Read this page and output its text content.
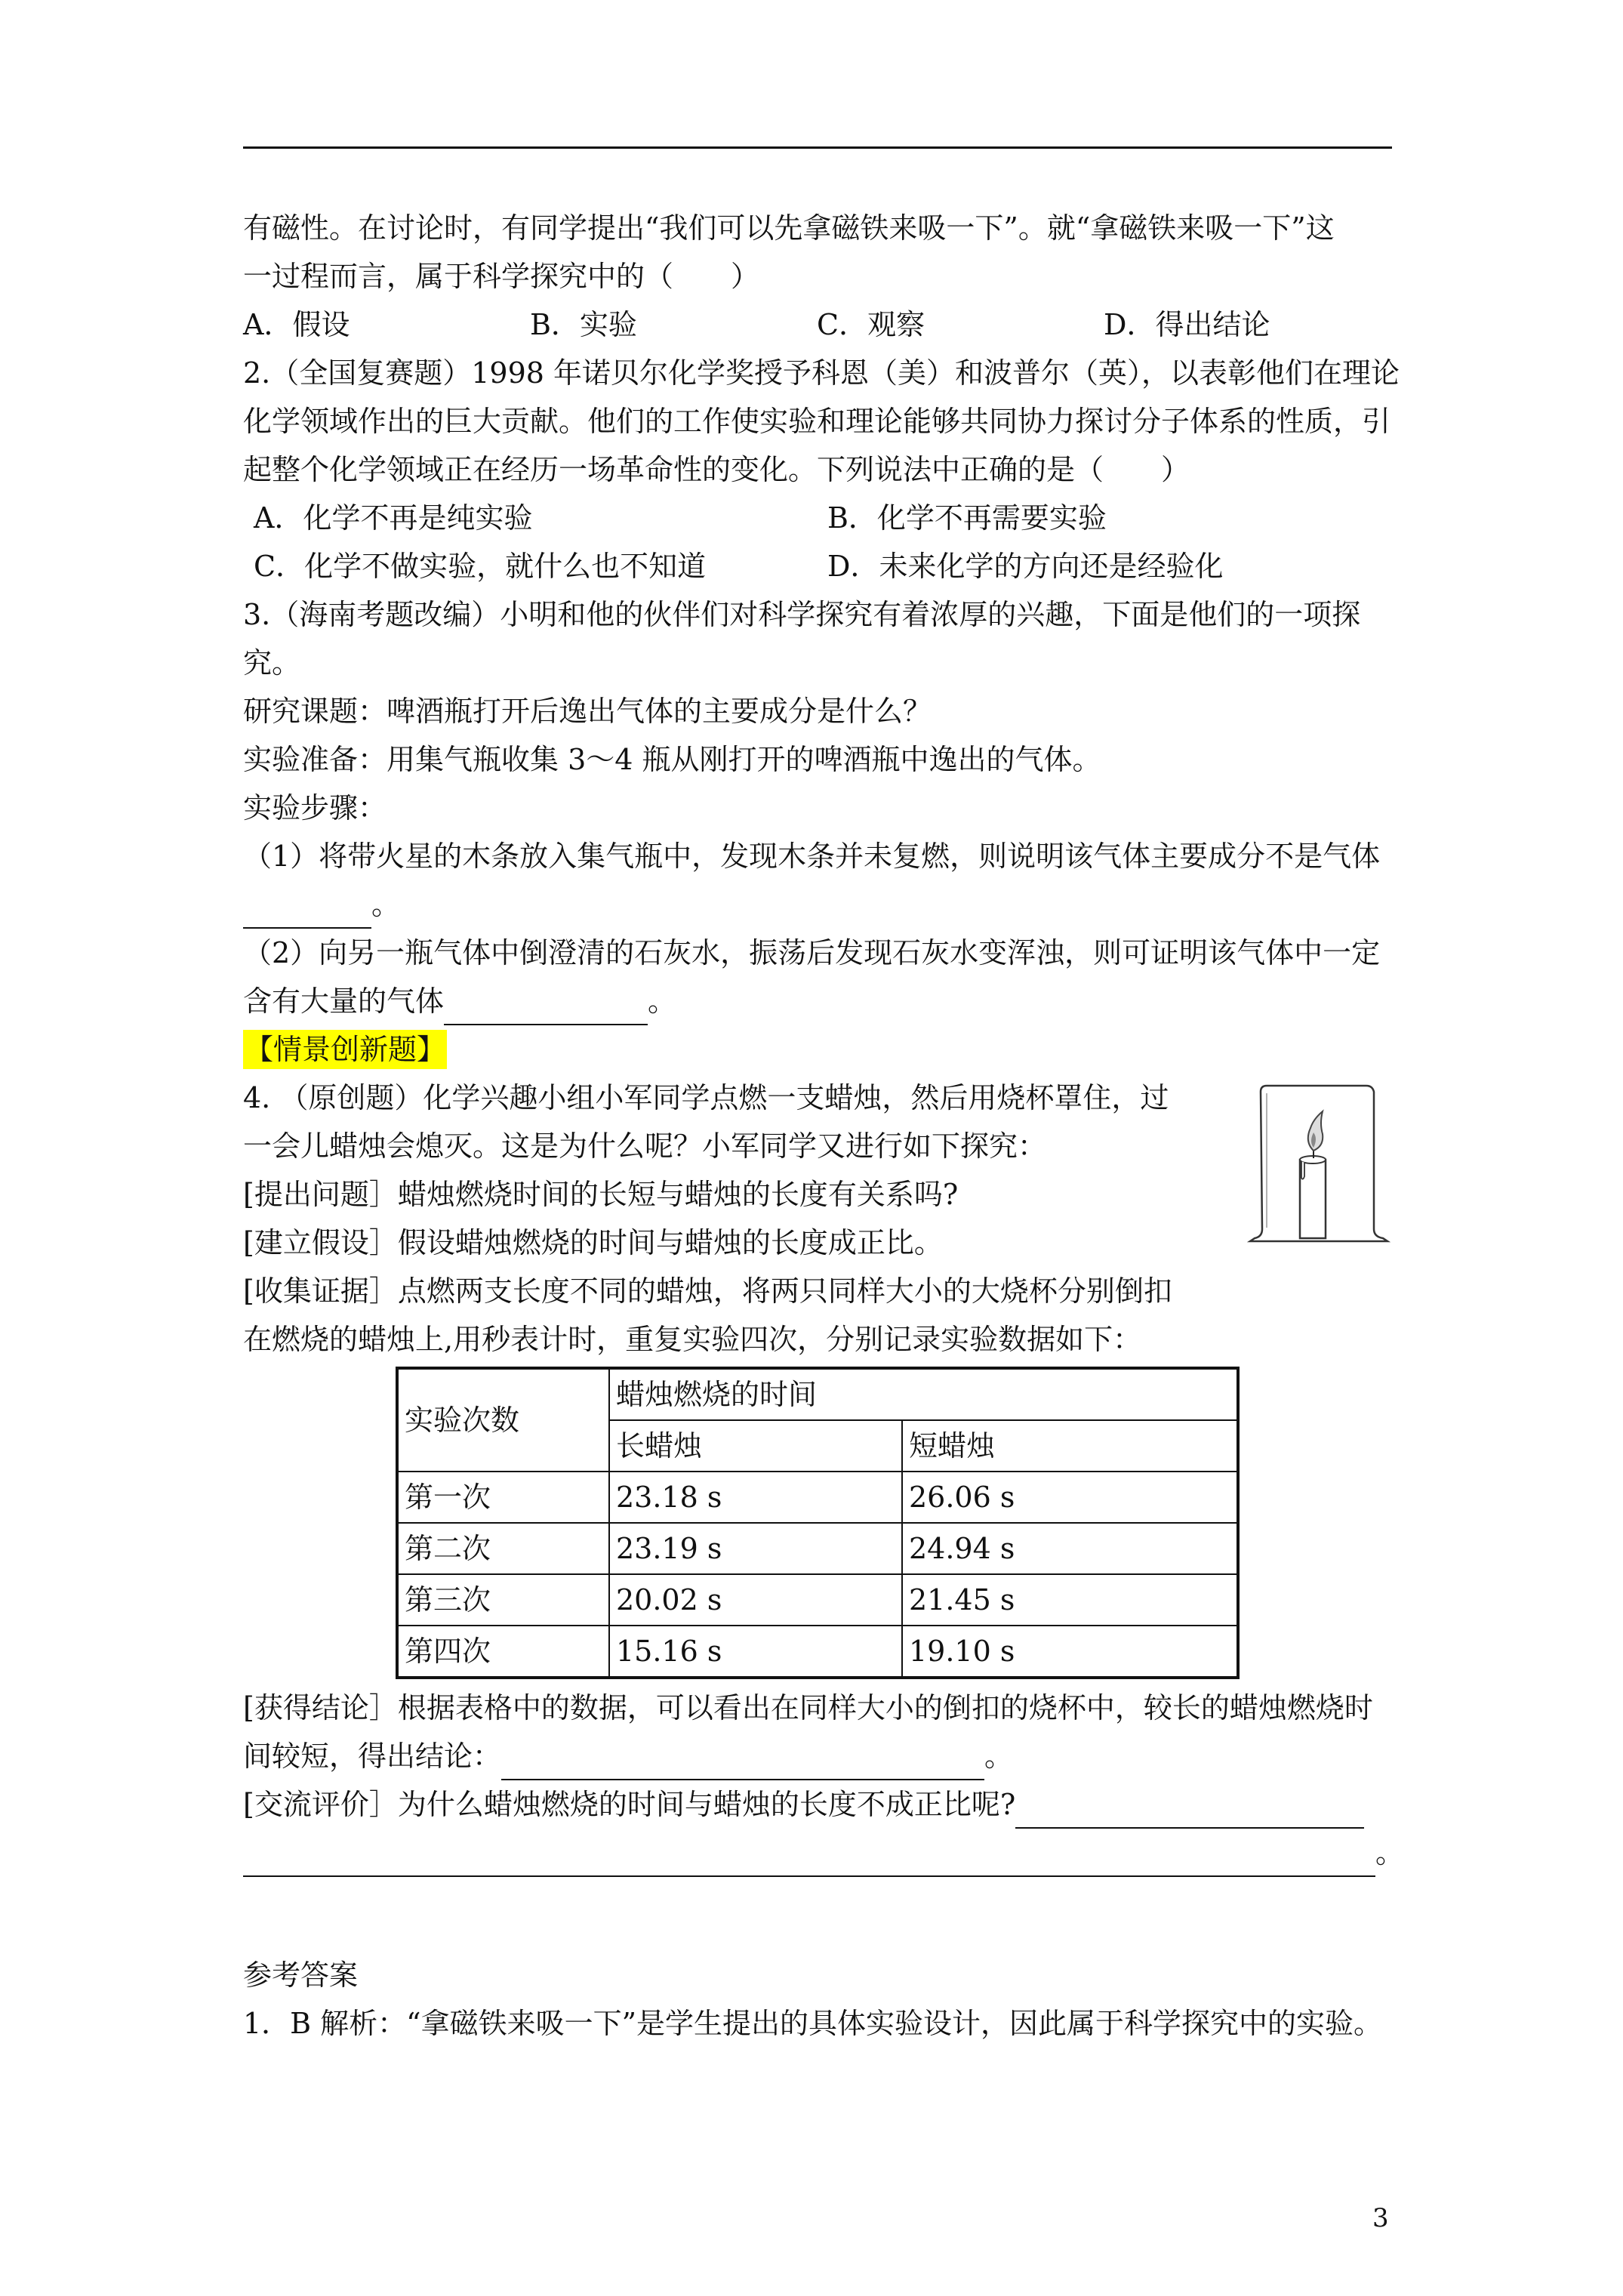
有磁性。在讨论时，有同学提出“我们可以先拿磁铁来吸一下”。就“拿磁铁来吸一下”这
一过程而言，属于科学探究中的（　　）
A．假设	B．实验	C．观察	D．得出结论
2.（全国复赛题）1998 年诺贝尔化学奖授予科恩（美）和波普尔（英），以表彰他们在理论
化学领域作出的巨大贡献。他们的工作使实验和理论能够共同协力探讨分子体系的性质，引
起整个化学领域正在经历一场革命性的变化。下列说法中正确的是（　　）
A．化学不再是纯实验	B．化学不再需要实验
C．化学不做实验，就什么也不知道	D．未来化学的方向还是经验化
3.（海南考题改编）小明和他的伙伴们对科学探究有着浓厚的兴趣，下面是他们的一项探
究。
研究课题：啤酒瓶打开后逸出气体的主要成分是什么？
实验准备：用集气瓶收集 3～4 瓶从刚打开的啤酒瓶中逸出的气体。
实验步骤：
（1）将带火星的木条放入集气瓶中，发现木条并未复燃，则说明该气体主要成分不是气体
。
（2）向另一瓶气体中倒澄清的石灰水，振荡后发现石灰水变浑浊，则可证明该气体中一定
含有大量的气体	。
【情景创新题】
4. （原创题）化学兴趣小组小军同学点燃一支蜡烛，然后用烧杯罩住，过
一会儿蜡烛会熄灭。这是为什么呢？小军同学又进行如下探究：
[提出问题］蜡烛燃烧时间的长短与蜡烛的长度有关系吗?
[建立假设］假设蜡烛燃烧的时间与蜡烛的长度成正比。
[收集证据］点燃两支长度不同的蜡烛，将两只同样大小的大烧杯分别倒扣
在燃烧的蜡烛上,用秒表计时，重复实验四次，分别记录实验数据如下：
实验次数	蜡烛燃烧的时间	
	长蜡烛	短蜡烛
第一次	23.18 s	26.06 s
第二次	23.19 s	24.94 s
第三次	20.02 s	21.45 s
第四次	15.16 s	19.10 s
[获得结论］根据表格中的数据，可以看出在同样大小的倒扣的烧杯中，较长的蜡烛燃烧时
间较短，得出结论：	。
[交流评价］为什么蜡烛燃烧的时间与蜡烛的长度不成正比呢?
。
参考答案
1．B 解析：“拿磁铁来吸一下”是学生提出的具体实验设计，因此属于科学探究中的实验。
3
